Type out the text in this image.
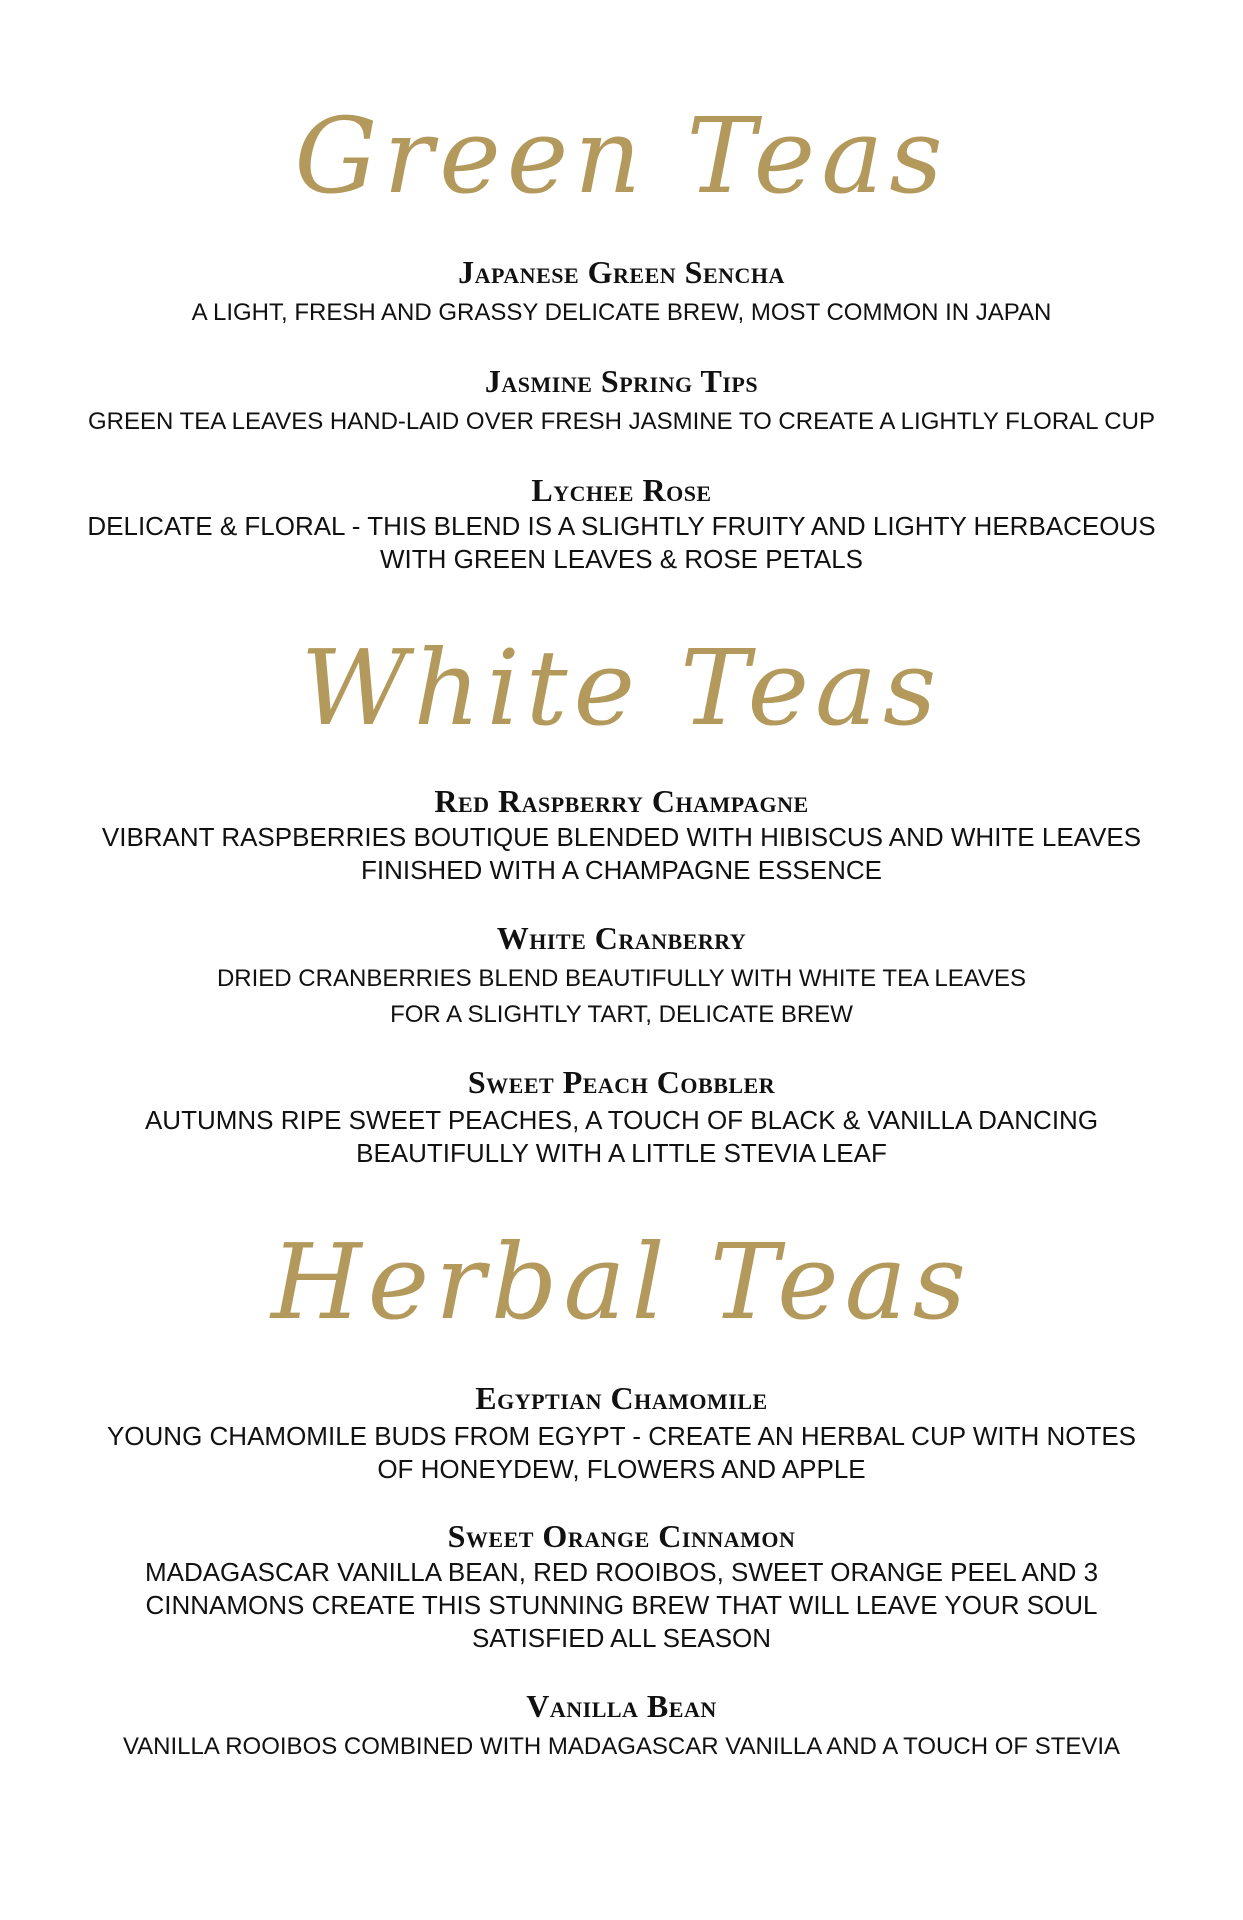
Green Teas
Japanese Green Sencha
A LIGHT, FRESH AND GRASSY DELICATE BREW, MOST COMMON IN JAPAN
Jasmine Spring Tips
GREEN TEA LEAVES HAND-LAID OVER FRESH JASMINE TO CREATE A LIGHTLY FLORAL CUP
Lychee Rose
DELICATE & FLORAL - THIS BLEND IS A SLIGHTLY FRUITY AND LIGHTY HERBACEOUS
WITH GREEN LEAVES & ROSE PETALS
White Teas
Red Raspberry Champagne
VIBRANT RASPBERRIES BOUTIQUE BLENDED WITH HIBISCUS AND WHITE LEAVES
FINISHED WITH A CHAMPAGNE ESSENCE
White Cranberry
DRIED CRANBERRIES BLEND BEAUTIFULLY WITH WHITE TEA LEAVES
FOR A SLIGHTLY TART, DELICATE BREW
Sweet Peach Cobbler
AUTUMNS RIPE SWEET PEACHES, A TOUCH OF BLACK & VANILLA DANCING
BEAUTIFULLY WITH A LITTLE STEVIA LEAF
Herbal Teas
Egyptian Chamomile
YOUNG CHAMOMILE BUDS FROM EGYPT - CREATE AN HERBAL CUP WITH NOTES
OF HONEYDEW, FLOWERS AND APPLE
Sweet Orange Cinnamon
MADAGASCAR VANILLA BEAN, RED ROOIBOS, SWEET ORANGE PEEL AND 3
CINNAMONS CREATE THIS STUNNING BREW THAT WILL LEAVE YOUR SOUL
SATISFIED ALL SEASON
Vanilla Bean
VANILLA ROOIBOS COMBINED WITH MADAGASCAR VANILLA AND A TOUCH OF STEVIA
